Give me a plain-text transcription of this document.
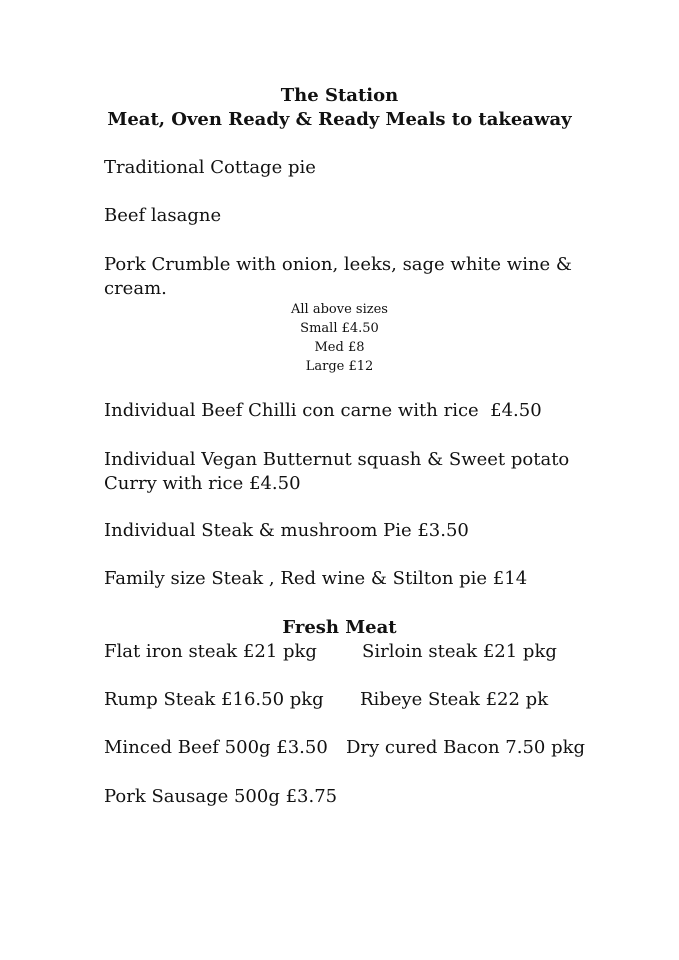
The Station
Meat, Oven Ready & Ready Meals to takeaway

Traditional Cottage pie

Beef lasagne

Pork Crumble with onion, leeks, sage white wine & cream.

All above sizes
Small £4.50
Med £8
Large £12

Individual Beef Chilli con carne with rice  £4.50

Individual Vegan Butternut squash & Sweet potato Curry with rice £4.50

Individual Steak & mushroom Pie £3.50

Family size Steak , Red wine & Stilton pie £14

Fresh Meat
Flat iron steak £21 pkg	Sirloin steak £21 pkg
Rump Steak £16.50 pkg Ribeye Steak £22 pk
Minced Beef 500g £3.50 Dry cured Bacon 7.50 pkg
Pork Sausage 500g £3.75
